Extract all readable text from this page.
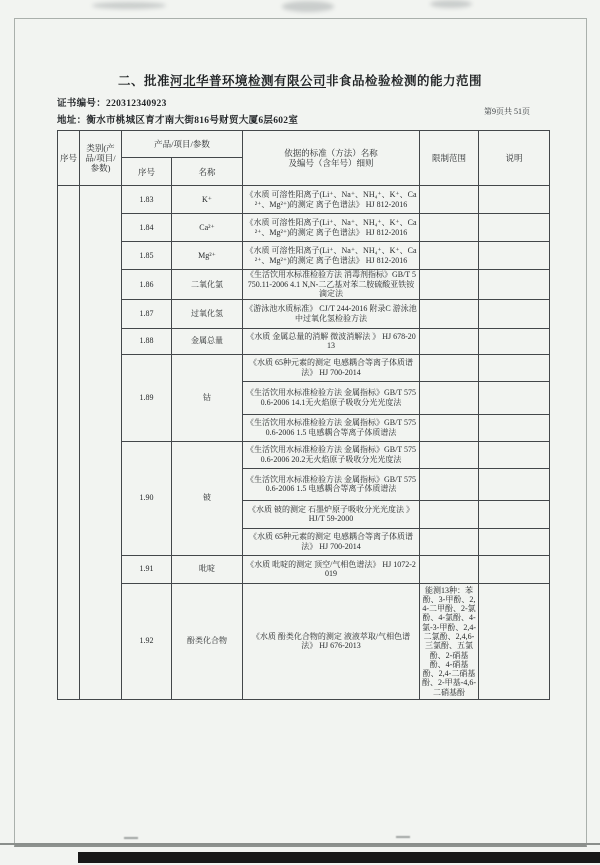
二、批准河北华普环境检测有限公司非食品检验检测的能力范围
证书编号：220312340923
地址：衡水市桃城区育才南大街816号财贸大厦6层602室
第9页共 51页
序号	类别(产品/项目/参数)	产品/项目/参数		依据的标准（方法）名称
及编号（含年号）细则	限制范围	说明
		序号	名称			
		1.83	K⁺	《水质 可溶性阳离子(Li⁺、Na⁺、NH₄⁺、K⁺、Ca²⁺、Mg²⁺)的测定 离子色谱法》 HJ 812-2016		
		1.84	Ca²⁺	《水质 可溶性阳离子(Li⁺、Na⁺、NH₄⁺、K⁺、Ca²⁺、Mg²⁺)的测定 离子色谱法》 HJ 812-2016		
		1.85	Mg²⁺	《水质 可溶性阳离子(Li⁺、Na⁺、NH₄⁺、K⁺、Ca²⁺、Mg²⁺)的测定 离子色谱法》 HJ 812-2016		
		1.86	二氧化氯	《生活饮用水标准检验方法 消毒剂指标》GB/T 5750.11-2006 4.1 N,N-二乙基对苯二胺硫酸亚铁铵滴定法		
		1.87	过氧化氢	《游泳池水质标准》 CJ/T 244-2016 附录C 游泳池中过氧化氢检验方法		
		1.88	金属总量	《水质 金属总量的消解 微波消解法 》 HJ 678-2013		
		1.89	钴	《水质 65种元素的测定 电感耦合等离子体质谱法》 HJ 700-2014		
				《生活饮用水标准检验方法 金属指标》GB/T 5750.6-2006 14.1无火焰原子吸收分光光度法		
				《生活饮用水标准检验方法 金属指标》GB/T 5750.6-2006 1.5 电感耦合等离子体质谱法		
		1.90	铍	《生活饮用水标准检验方法 金属指标》GB/T 5750.6-2006 20.2无火焰原子吸收分光光度法		
				《生活饮用水标准检验方法 金属指标》GB/T 5750.6-2006 1.5 电感耦合等离子体质谱法		
				《水质 铍的测定 石墨炉原子吸收分光光度法 》 HJ/T 59-2000		
				《水质 65种元素的测定 电感耦合等离子体质谱法》 HJ 700-2014		
		1.91	吡啶	《水质 吡啶的测定 顶空/气相色谱法》 HJ 1072-2019		
		1.92	酚类化合物	《水质 酚类化合物的测定 液液萃取/气相色谱法》 HJ 676-2013	能测13种：苯酚、3-甲酚、2,4-二甲酚、2-氯酚、4-氯酚、4-氯-3-甲酚、2,4-二氯酚、2,4,6-三氯酚、五氯酚、2-硝基酚、4-硝基酚、2,4-二硝基酚、2-甲基-4,6-二硝基酚	
